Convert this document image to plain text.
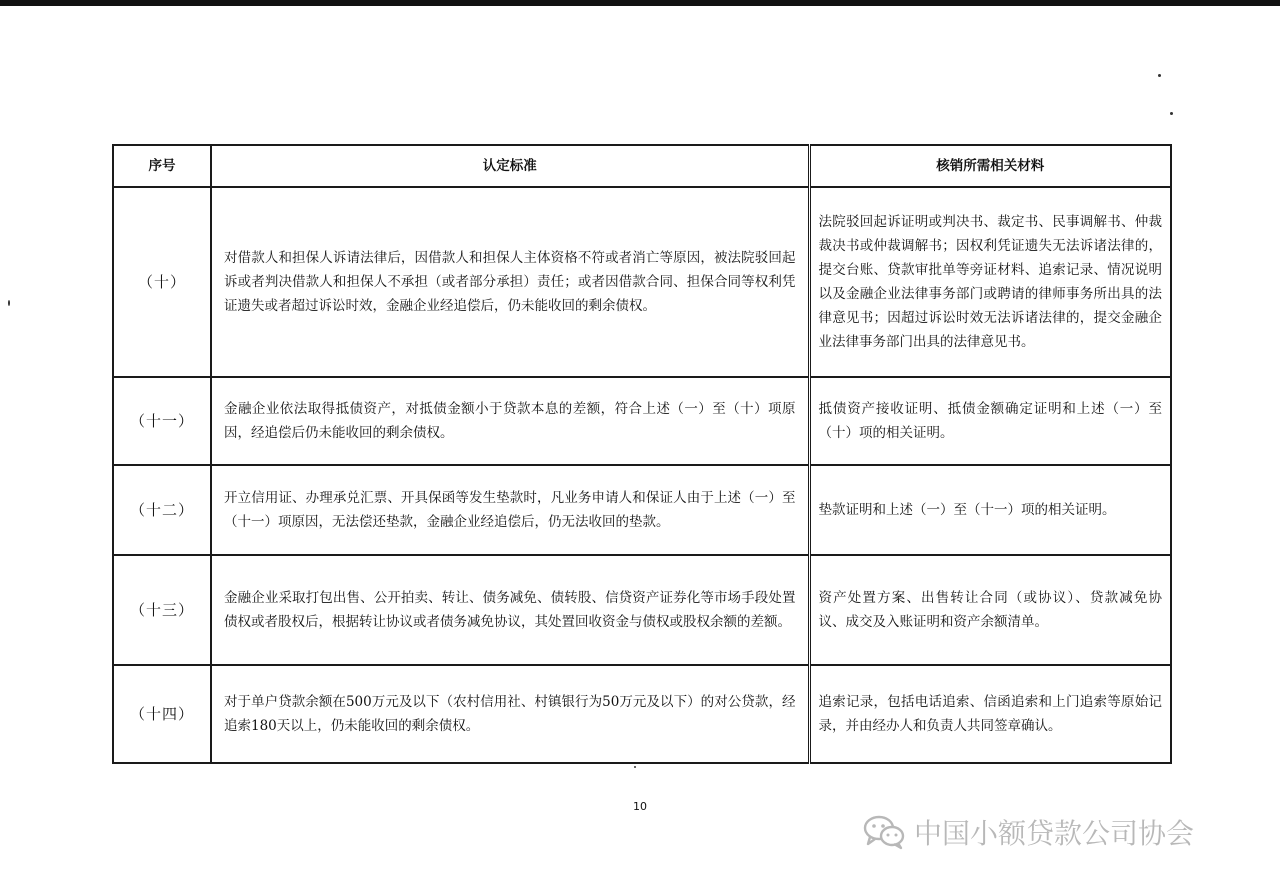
序号	认定标准	核销所需相关材料
（十）	对借款人和担保人诉请法律后，因借款人和担保人主体资格不符或者消亡等原因，被法院驳回起诉或者判决借款人和担保人不承担（或者部分承担）责任；或者因借款合同、担保合同等权利凭证遗失或者超过诉讼时效，金融企业经追偿后，仍未能收回的剩余债权。	法院驳回起诉证明或判决书、裁定书、民事调解书、仲裁裁决书或仲裁调解书；因权利凭证遗失无法诉诸法律的，提交台账、贷款审批单等旁证材料、追索记录、情况说明以及金融企业法律事务部门或聘请的律师事务所出具的法律意见书；因超过诉讼时效无法诉诸法律的，提交金融企业法律事务部门出具的法律意见书。
（十一）	金融企业依法取得抵债资产，对抵债金额小于贷款本息的差额，符合上述（一）至（十）项原因，经追偿后仍未能收回的剩余债权。	抵债资产接收证明、抵债金额确定证明和上述（一）至（十）项的相关证明。
（十二）	开立信用证、办理承兑汇票、开具保函等发生垫款时，凡业务申请人和保证人由于上述（一）至（十一）项原因，无法偿还垫款，金融企业经追偿后，仍无法收回的垫款。	垫款证明和上述（一）至（十一）项的相关证明。
（十三）	金融企业采取打包出售、公开拍卖、转让、债务减免、债转股、信贷资产证券化等市场手段处置债权或者股权后，根据转让协议或者债务减免协议，其处置回收资金与债权或股权余额的差额。	资产处置方案、出售转让合同（或协议）、贷款减免协议、成交及入账证明和资产余额清单。
（十四）	对于单户贷款余额在500万元及以下（农村信用社、村镇银行为50万元及以下）的对公贷款，经追索180天以上，仍未能收回的剩余债权。	追索记录，包括电话追索、信函追索和上门追索等原始记录，并由经办人和负责人共同签章确认。
10
中国小额贷款公司协会
